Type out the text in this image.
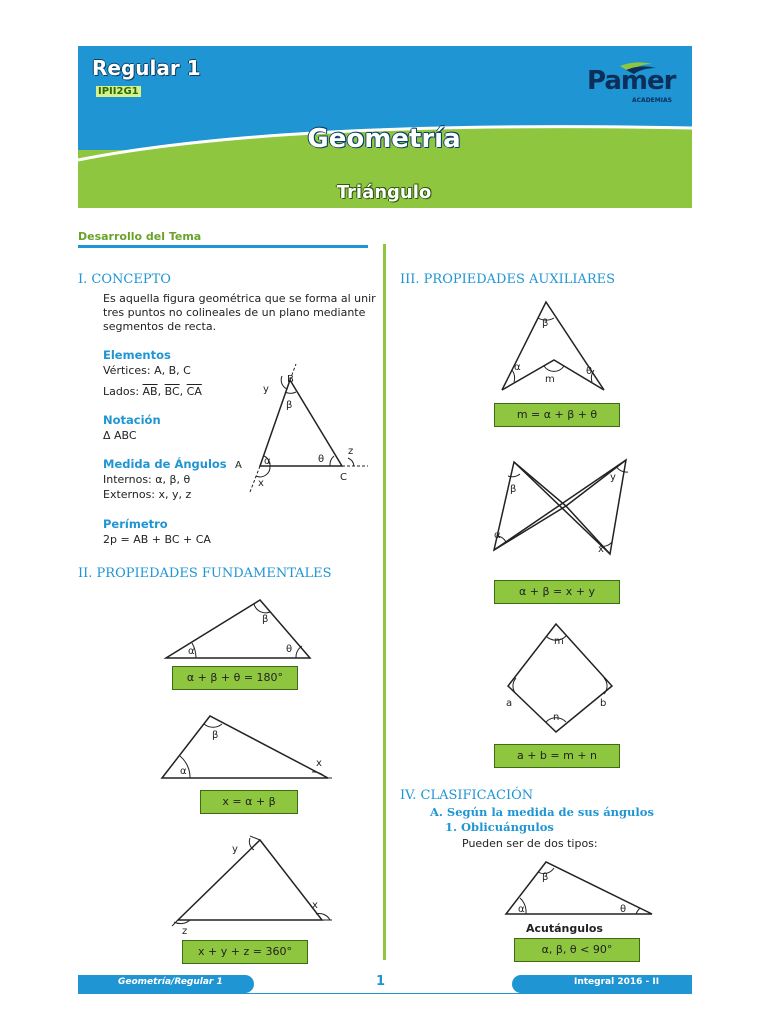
Regular 1
IPII2G1	Pamer
ACADEMIAS
Geometría
Triángulo
Desarrollo del Tema
I. CONCEPTO
Es aquella figura geométrica que se forma al unir
tres puntos no colineales de un plano mediante
segmentos de recta.
Elementos
Vértices: A, B, C
Lados: $\overline{AB}$, $\overline{BC}$, $\overline{CA}$
Notación
Δ ABC
Medida de Ángulos
Internos: α, β, θ
Externos: x, y, z
Perímetro
2p = AB + BC + CA
B
A
C
α
β
θ
x
y
z
II. PROPIEDADES FUNDAMENTALES
α
β
θ
α + β + θ = 180°
α
β
x
x = α + β
y
x
z
x + y + z = 360°
III. PROPIEDADES AUXILIARES
β
α
m
θ
m = α + β + θ
β
α
y
x
α + β = x + y
m
a
n
b
a + b = m + n
IV. CLASIFICACIÓN
A. Según la medida de sus ángulos
1. Oblicuángulos
Pueden ser de dos tipos:
α
β
θ
Acutángulos
α, β, θ < 90°
Geometría/Regular 1	1	Integral 2016 - II
